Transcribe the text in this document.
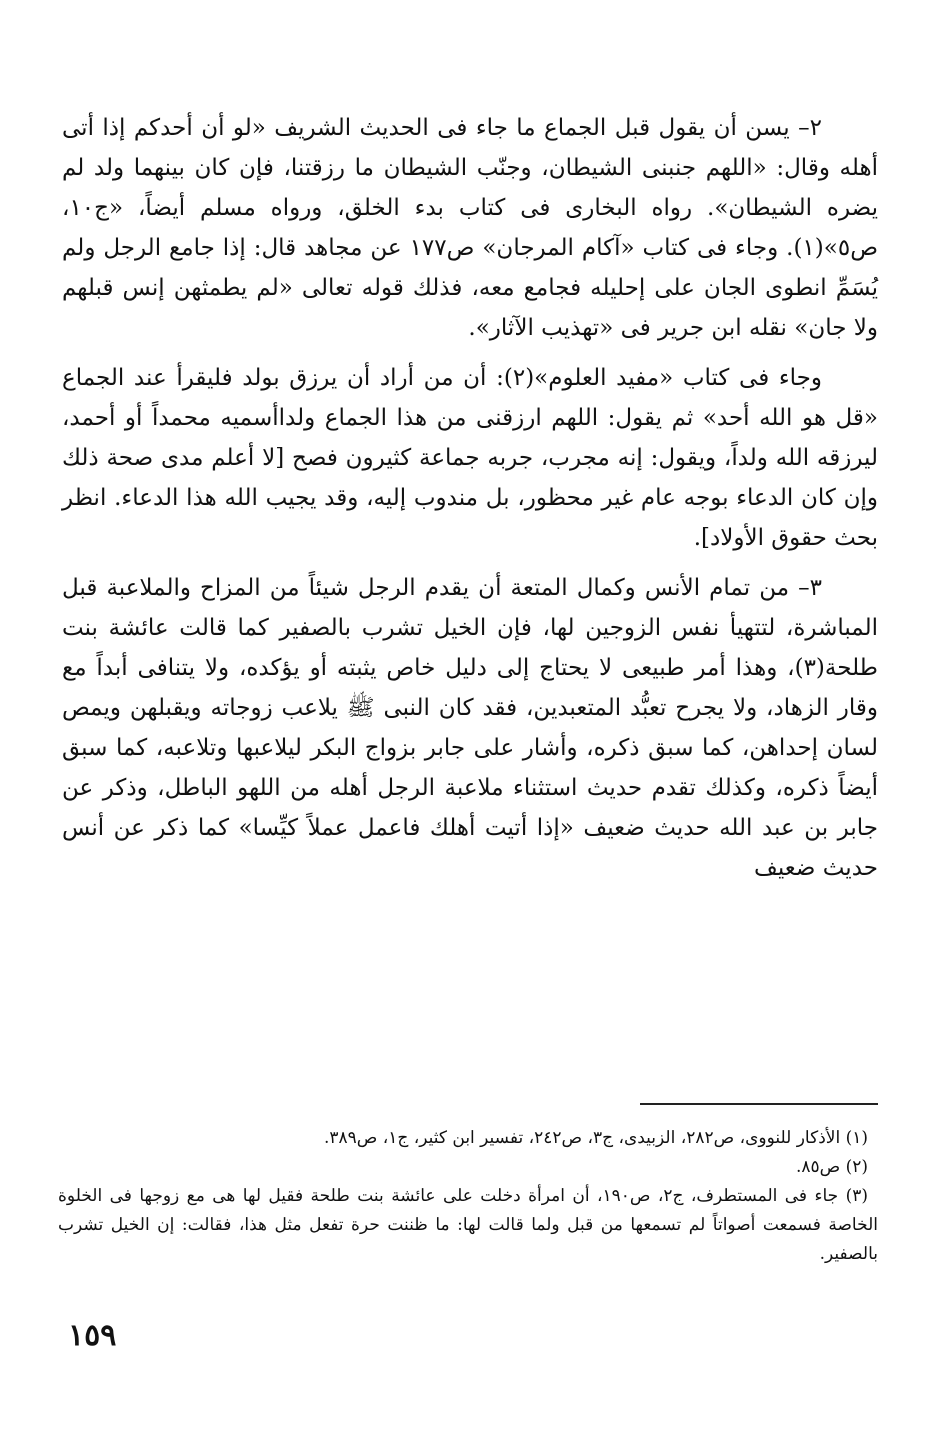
٢– يسن أن يقول قبل الجماع ما جاء فى الحديث الشريف «لو أن أحدكم إذا أتى أهله وقال: «اللهم جنبنى الشيطان، وجنّب الشيطان ما رزقتنا، فإن كان بينهما ولد لم يضره الشيطان». رواه البخارى فى كتاب بدء الخلق، ورواه مسلم أيضاً، «ج١٠، ص٥»(١). وجاء فى كتاب «آكام المرجان» ص١٧٧ عن مجاهد قال: إذا جامع الرجل ولم يُسَمِّ انطوى الجان على إحليله فجامع معه، فذلك قوله تعالى «لم يطمثهن إنس قبلهم ولا جان» نقله ابن جرير فى «تهذيب الآثار».

وجاء فى كتاب «مفيد العلوم»(٢): أن من أراد أن يرزق بولد فليقرأ عند الجماع «قل هو الله أحد» ثم يقول: اللهم ارزقنى من هذا الجماع ولداأسميه محمداً أو أحمد، ليرزقه الله ولداً، ويقول: إنه مجرب، جربه جماعة كثيرون فصح [لا أعلم مدى صحة ذلك وإن كان الدعاء بوجه عام غير محظور، بل مندوب إليه، وقد يجيب الله هذا الدعاء. انظر بحث حقوق الأولاد].

٣– من تمام الأنس وكمال المتعة أن يقدم الرجل شيئاً من المزاح والملاعبة قبل المباشرة، لتتهيأ نفس الزوجين لها، فإن الخيل تشرب بالصفير كما قالت عائشة بنت طلحة(٣)، وهذا أمر طبيعى لا يحتاج إلى دليل خاص يثبته أو يؤكده، ولا يتنافى أبداً مع وقار الزهاد، ولا يجرح تعبُّد المتعبدين، فقد كان النبى ﷺ يلاعب زوجاته ويقبلهن ويمص لسان إحداهن، كما سبق ذكره، وأشار على جابر بزواج البكر ليلاعبها وتلاعبه، كما سبق أيضاً ذكره، وكذلك تقدم حديث استثناء ملاعبة الرجل أهله من اللهو الباطل، وذكر عن جابر بن عبد الله حديث ضعيف «إذا أتيت أهلك فاعمل عملاً كيِّسا» كما ذكر عن أنس حديث ضعيف

(١) الأذكار للنووى، ص٢٨٢، الزبيدى، ج٣، ص٢٤٢، تفسير ابن كثير، ج١، ص٣٨٩.

(٢) ص٨٥.

(٣) جاء فى المستطرف، ج٢، ص١٩٠، أن امرأة دخلت على عائشة بنت طلحة فقيل لها هى مع زوجها فى الخلوة الخاصة فسمعت أصواتاً لم تسمعها من قبل ولما قالت لها: ما ظننت حرة تفعل مثل هذا، فقالت: إن الخيل تشرب بالصفير.

١٥٩
